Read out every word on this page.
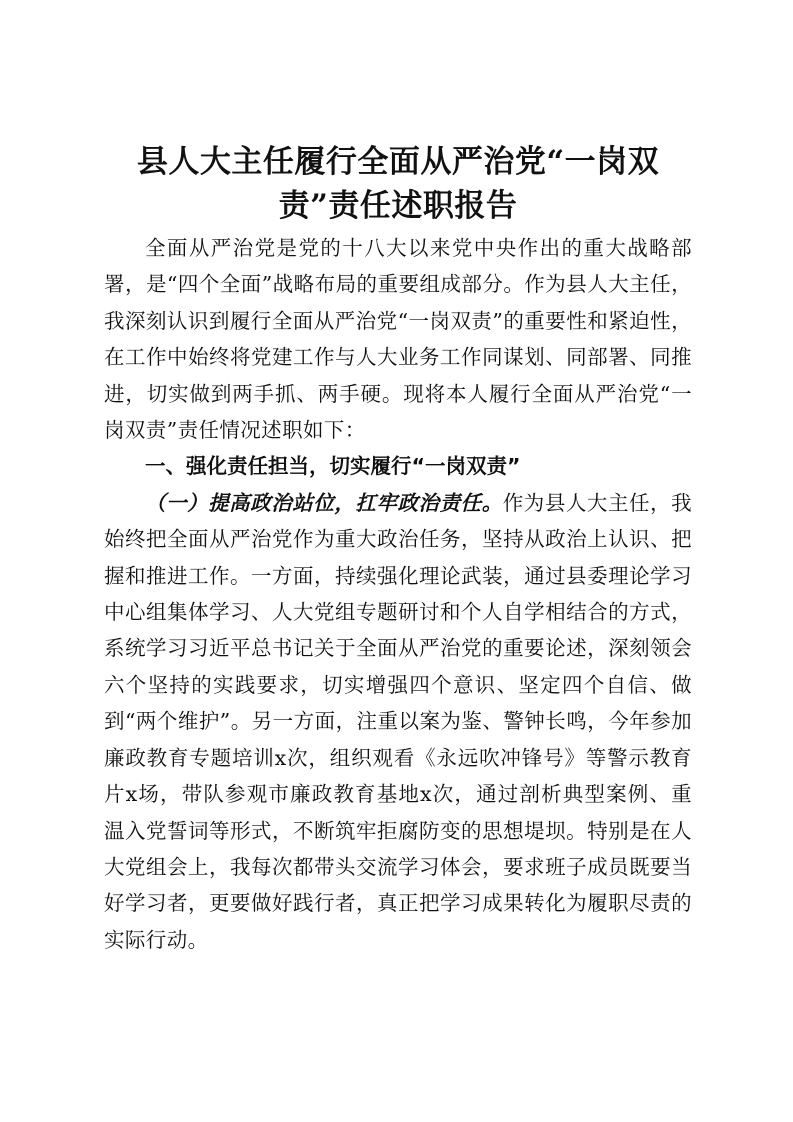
县人大主任履行全面从严治党“一岗双责”责任述职报告

全面从严治党是党的十八大以来党中央作出的重大战略部署，是“四个全面”战略布局的重要组成部分。作为县人大主任，我深刻认识到履行全面从严治党“一岗双责”的重要性和紧迫性，在工作中始终将党建工作与人大业务工作同谋划、同部署、同推进，切实做到两手抓、两手硬。现将本人履行全面从严治党“一岗双责”责任情况述职如下：

一、强化责任担当，切实履行“一岗双责”

（一）提高政治站位，扛牢政治责任。作为县人大主任，我始终把全面从严治党作为重大政治任务，坚持从政治上认识、把握和推进工作。一方面，持续强化理论武装，通过县委理论学习中心组集体学习、人大党组专题研讨和个人自学相结合的方式，系统学习习近平总书记关于全面从严治党的重要论述，深刻领会六个坚持的实践要求，切实增强四个意识、坚定四个自信、做到“两个维护”。另一方面，注重以案为鉴、警钟长鸣，今年参加廉政教育专题培训x次，组织观看《永远吹冲锋号》等警示教育片x场，带队参观市廉政教育基地x次，通过剖析典型案例、重温入党誓词等形式，不断筑牢拒腐防变的思想堤坝。特别是在人大党组会上，我每次都带头交流学习体会，要求班子成员既要当好学习者，更要做好践行者，真正把学习成果转化为履职尽责的实际行动。
